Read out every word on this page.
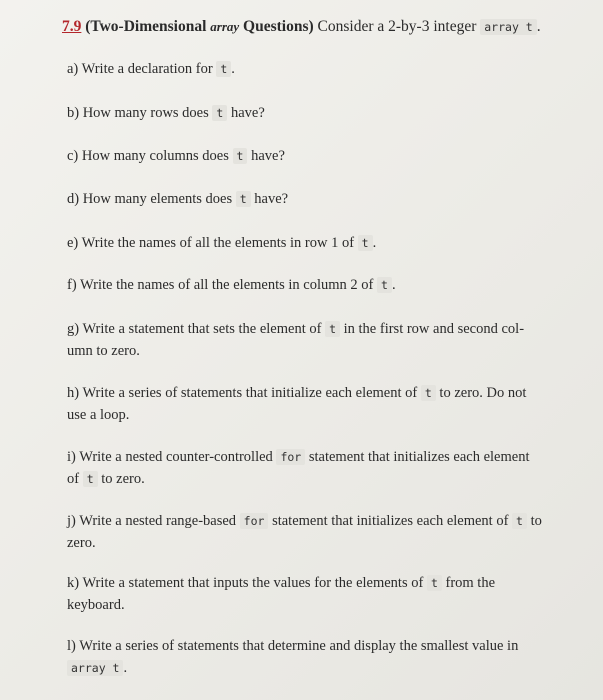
7.9 (Two-Dimensional array Questions) Consider a 2-by-3 integer array t .
a) Write a declaration for t .
b) How many rows does t have?
c) How many columns does t have?
d) How many elements does t have?
e) Write the names of all the elements in row 1 of t .
f) Write the names of all the elements in column 2 of t .
g) Write a statement that sets the element of t in the first row and second col-
umn to zero.
h) Write a series of statements that initialize each element of t to zero. Do not
use a loop.
i) Write a nested counter-controlled for statement that initializes each element
of t to zero.
j) Write a nested range-based for statement that initializes each element of t to
zero.
k) Write a statement that inputs the values for the elements of t from the
keyboard.
l) Write a series of statements that determine and display the smallest value in
array t .
